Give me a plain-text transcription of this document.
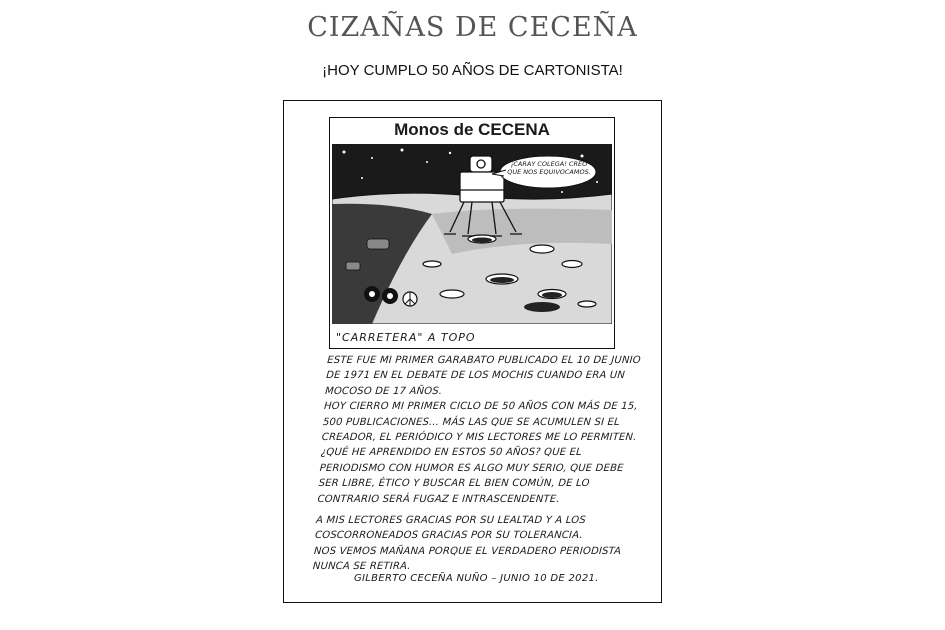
CIZAÑAS DE CECEÑA
¡HOY CUMPLO 50 AÑOS DE CARTONISTA!
Monos de CECENA
¡CARAY COLEGA! CREO QUE NOS EQUIVOCAMOS.
"CARRETERA" A TOPO

ESTE FUE MI PRIMER GARABATO PUBLICADO EL 10 DE JUNIO DE 1971 EN EL DEBATE DE LOS MOCHIS CUANDO ERA UN MOCOSO DE 17 AÑOS.

HOY CIERRO MI PRIMER CICLO DE 50 AÑOS CON MÁS DE 15, 500 PUBLICACIONES... MÁS LAS QUE SE ACUMULEN SI EL CREADOR, EL PERIÓDICO Y MIS LECTORES ME LO PERMITEN.

¿QUÉ HE APRENDIDO EN ESTOS 50 AÑOS? QUE EL PERIODISMO CON HUMOR ES ALGO MUY SERIO, QUE DEBE SER LIBRE, ÉTICO Y BUSCAR EL BIEN COMÚN, DE LO CONTRARIO SERÁ FUGAZ E INTRASCENDENTE.

A MIS LECTORES GRACIAS POR SU LEALTAD Y A LOS COSCORRONEADOS GRACIAS POR SU TOLERANCIA.

NOS VEMOS MAÑANA PORQUE EL VERDADERO PERIODISTA NUNCA SE RETIRA.

GILBERTO CECEÑA NUÑO – JUNIO 10 DE 2021.
